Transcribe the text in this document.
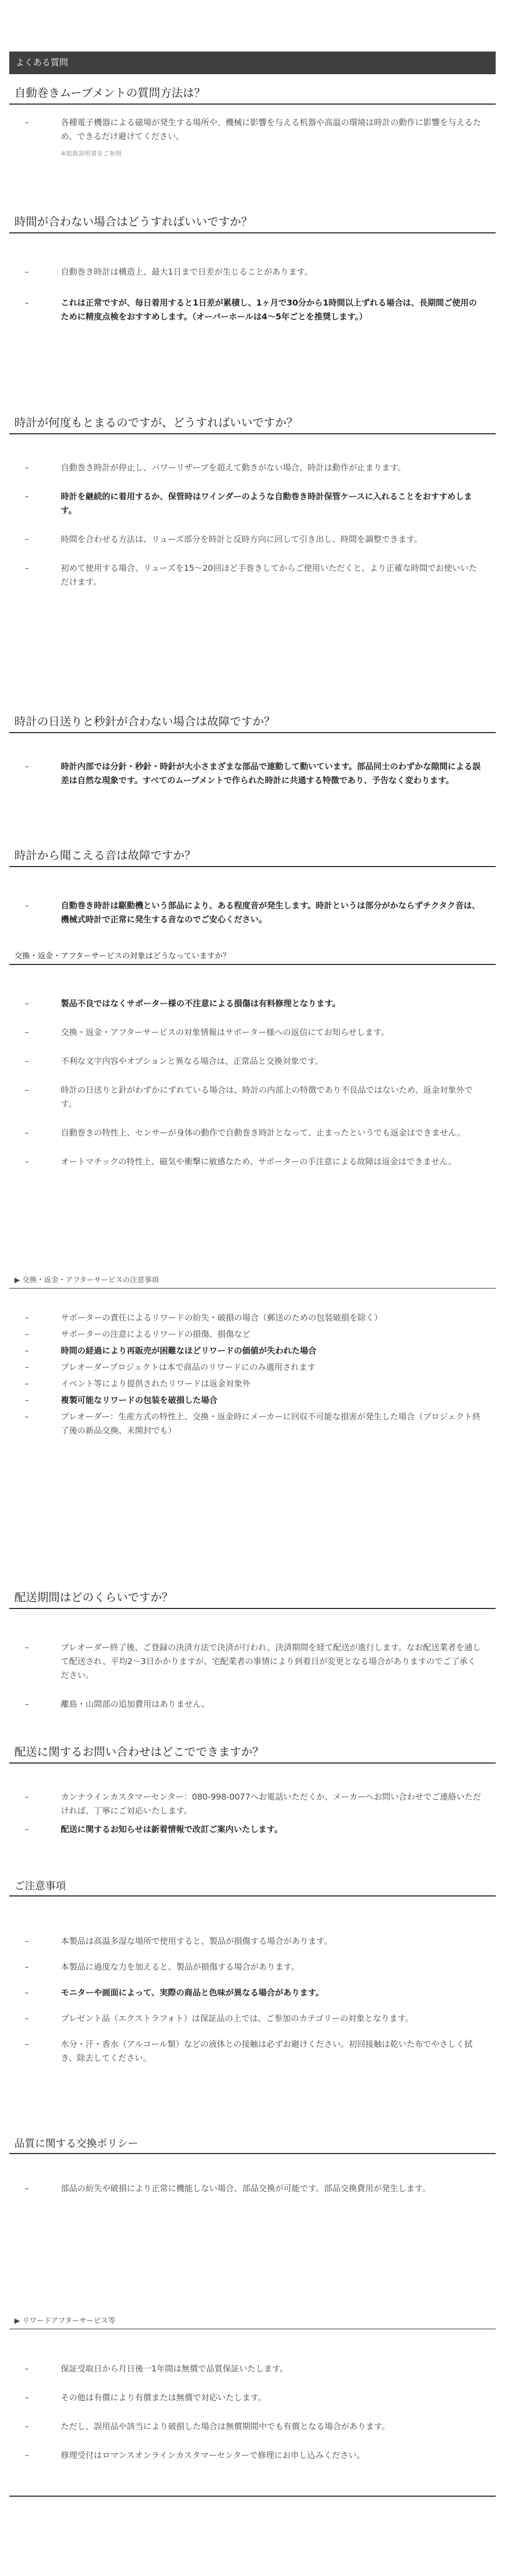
よくある質問
自動巻きムーブメントの質問方法は？
–	各種電子機器による磁場が発生する場所や、機械に影響を与える机器や高温の環境は時計の動作に影響を与えるため、できるだけ避けてください。
※取扱説明書をご参照
時間が合わない場合はどうすればいいですか？
–	自動巻き時計は構造上、最大1日まで日差が生じることがあります。
–	これは正常ですが、毎日着用すると1日差が累積し、1ヶ月で30分から1時間以上ずれる場合は、長期間ご使用のために精度点検をおすすめします。（オーバーホールは4～5年ごとを推奨します。）
時計が何度もとまるのですが、どうすればいいですか？
–	自動巻き時計が停止し、パワーリザーブを超えて動きがない場合、時計は動作が止まります。
–	時計を継続的に着用するか、保管時はワインダーのような自動巻き時計保管ケースに入れることをおすすめします。
–	時間を合わせる方法は、リューズ部分を時計と反時方向に回して引き出し、時間を調整できます。
–	初めて使用する場合、リューズを15～20回ほど手巻きしてからご使用いただくと、より正確な時間でお使いいただけます。
時計の日送りと秒針が合わない場合は故障ですか？
–	時計内部では分針・秒針・時針が大小さまざまな部品で連動して動いています。部品同士のわずかな隙間による誤差は自然な現象です。すべてのムーブメントで作られた時計に共通する特徴であり、予告なく変わります。
時計から聞こえる音は故障ですか？
–	自動巻き時計は駆動機という部品により、ある程度音が発生します。時計というは部分がかならずチクタク音は、機械式時計で正常に発生する音なのでご安心ください。
交換・返金・アフターサービスの対象はどうなっていますか？
–	製品不良ではなくサポーター様の不注意による損傷は有料修理となります。
–	交換・返金・アフターサービスの対象情報はサポーター様への返信にてお知らせします。
–	不利な文字内容やオプションと異なる場合は、正常品と交換対象です。
–	時計の日送りと針がわずかにずれている場合は、時計の内部上の特徴であり不良品ではないため、返金対象外です。
–	自動巻きの特性上、センサーが身体の動作で自動巻き時計となって、止まったというでも返金はできません。
–	オートマチックの特性上、磁気や衝撃に敏感なため、サポーターの手注意による故障は返金はできません。
▶ 交換・返金・アフターサービスの注意事項
–	サポーターの責任によるリワードの紛失・破損の場合（郵送のための包装破損を除く）
–	サポーターの注意によるリワードの損傷、損傷など
–	時間の経過により再販売が困難なほどリワードの価値が失われた場合
–	プレオーダープロジェクトは本で商品のリワードにのみ適用されます
–	イベント等により提供されたリワードは返金対象外
–	複製可能なリワードの包装を破損した場合
–	プレオーダー：生産方式の特性上、交換・返金時にメーカーに回収不可能な損害が発生した場合（プロジェクト終了後の新品交換、未開封でも）
配送期間はどのくらいですか？
–	プレオーダー終了後、ご登録の決済方法で決済が行われ、決済期間を経て配送が進行します。なお配送業者を通して配送され、平均2～3日かかりますが、宅配業者の事情により到着日が変更となる場合がありますのでご了承ください。
–	離島・山間部の追加費用はありません。
配送に関するお問い合わせはどこでできますか？
–	カンナラインカスタマーセンター：080-998-0077へお電話いただくか、メーカーへお問い合わせでご連絡いただければ、丁寧にご対応いたします。
–	配送に関するお知らせは新着情報で改訂ご案内いたします。
ご注意事項
–	本製品は高温多湿な場所で使用すると、製品が損傷する場合があります。
–	本製品に過度な力を加えると、製品が損傷する場合があります。
–	モニターや画面によって、実際の商品と色味が異なる場合があります。
–	プレゼント品（エクストラフォト）は保証品の上では、ご参加のカテゴリーの対象となります。
–	水分・汗・香水（アルコール類）などの液体との接触は必ずお避けください。初回接触は乾いた布でやさしく拭き、除去してください。
品質に関する交換ポリシー
–	部品の紛失や破損により正常に機能しない場合、部品交換が可能です。部品交換費用が発生します。
▶ リワードアフターサービス等
–	保証受取日から月日後一1年間は無償で品質保証いたします。
–	その他は有償により有償または無償で対応いたします。
–	ただし、誤用品や該当により破損した場合は無償期間中でも有償となる場合があります。
–	修理受付はロマンスオンラインカスタマーセンターで修理にお申し込みください。
